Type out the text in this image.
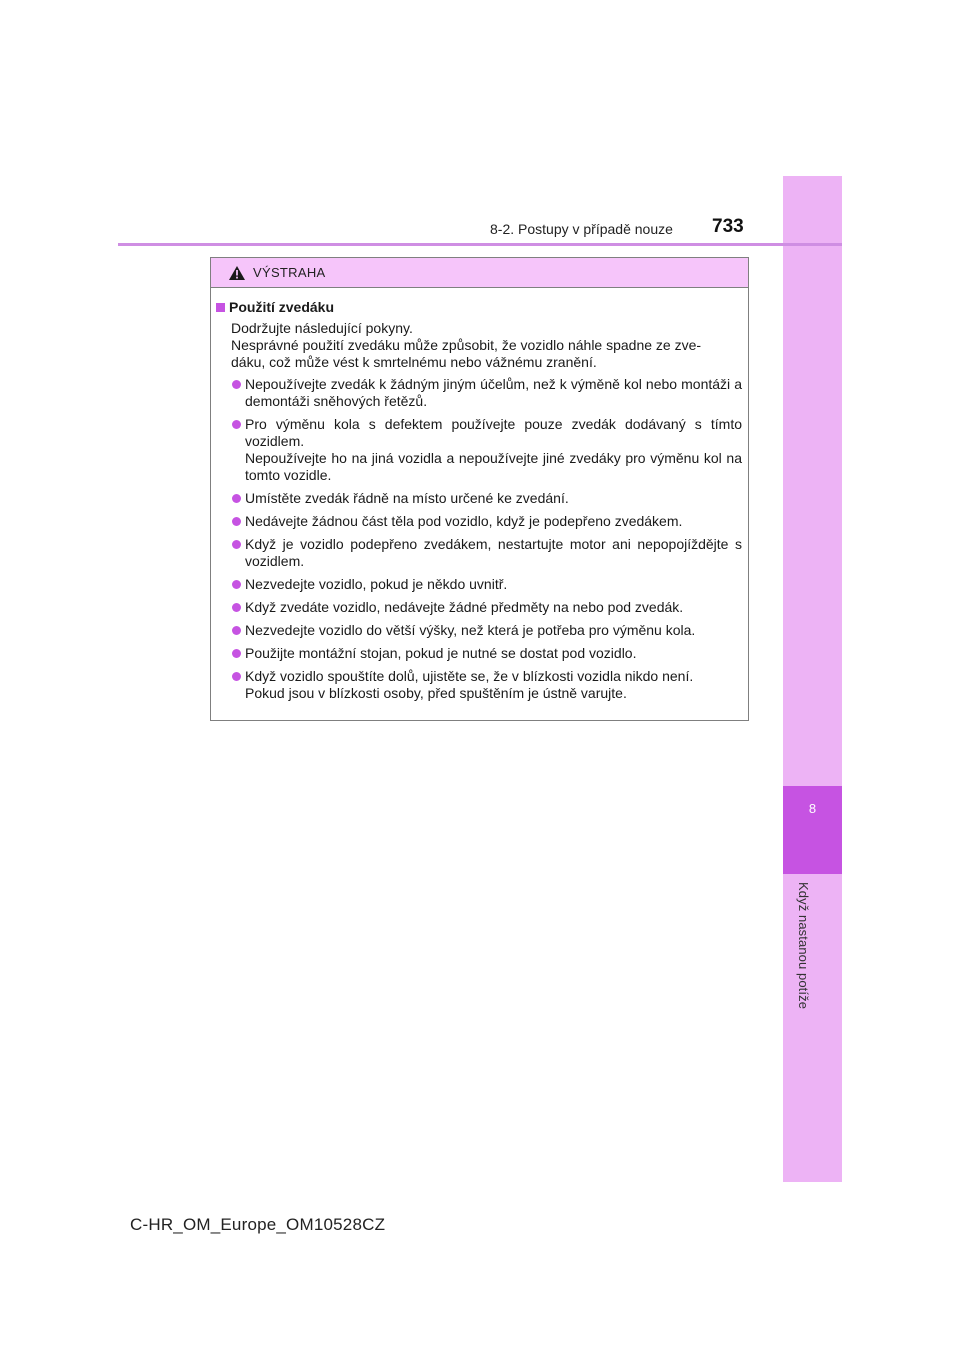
8
Když nastanou potíže
8-2. Postupy v případě nouze 733
VÝSTRAHA
Použití zvedáku
Dodržujte následující pokyny.
Nesprávné použití zvedáku může způsobit, že vozidlo náhle spadne ze zve-
dáku, což může vést k smrtelnému nebo vážnému zranění.
Nepoužívejte zvedák k žádným jiným účelům, než k výměně kol nebo montáži a demontáži sněhových řetězů.
Pro výměnu kola s defektem používejte pouze zvedák dodávaný s tímto vozidlem.
Nepoužívejte ho na jiná vozidla a nepoužívejte jiné zvedáky pro výměnu kol na tomto vozidle.
Umístěte zvedák řádně na místo určené ke zvedání.
Nedávejte žádnou část těla pod vozidlo, když je podepřeno zvedákem.
Když je vozidlo podepřeno zvedákem, nestartujte motor ani nepopojíždějte s vozidlem.
Nezvedejte vozidlo, pokud je někdo uvnitř.
Když zvedáte vozidlo, nedávejte žádné předměty na nebo pod zvedák.
Nezvedejte vozidlo do větší výšky, než která je potřeba pro výměnu kola.
Použijte montážní stojan, pokud je nutné se dostat pod vozidlo.
Když vozidlo spouštíte dolů, ujistěte se, že v blízkosti vozidla nikdo není.
Pokud jsou v blízkosti osoby, před spuštěním je ústně varujte.
C-HR_OM_Europe_OM10528CZ
